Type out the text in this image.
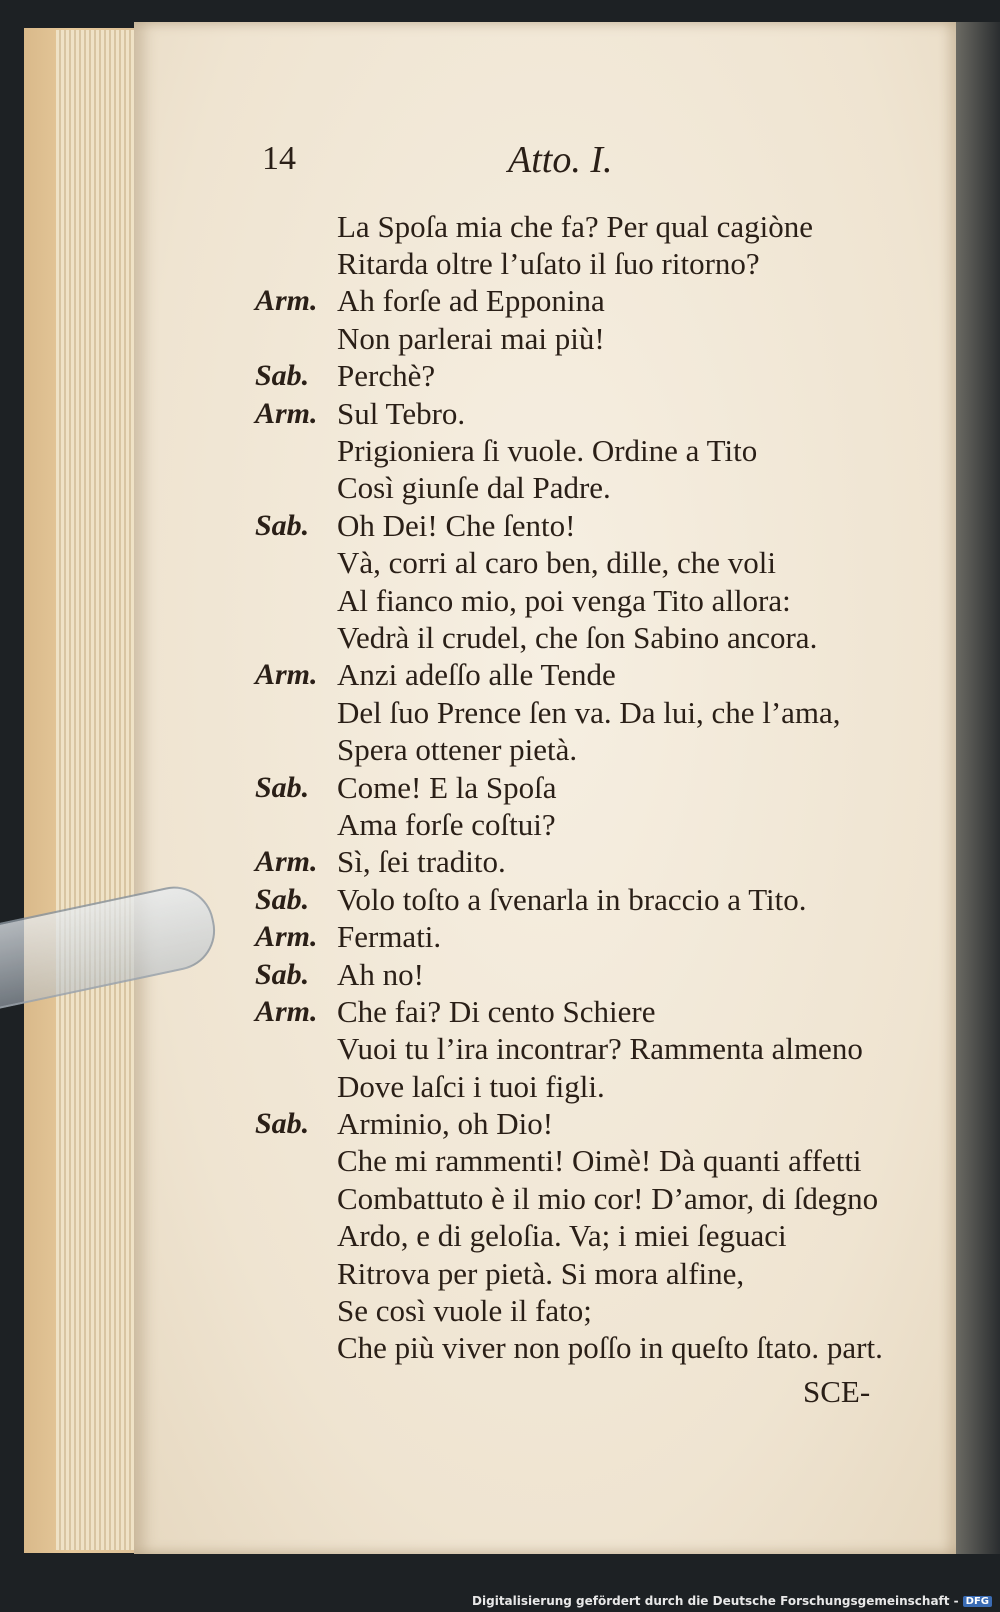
14	Atto. I.
La Spoſa mia che fa? Per qual cagiòne
Ritarda oltre l’uſato il ſuo ritorno?
Arm. Ah forſe ad Epponina
Non parlerai mai più!
Sab. Perchè?
Arm. Sul Tebro.
Prigioniera ſi vuole. Ordine a Tito
Così giunſe dal Padre.
Sab. Oh Dei! Che ſento!
Và, corri al caro ben, dille, che voli
Al fianco mio, poi venga Tito allora:
Vedrà il crudel, che ſon Sabino ancora.
Arm. Anzi adeſſo alle Tende
Del ſuo Prence ſen va. Da lui, che l’ama,
Spera ottener pietà.
Sab. Come! E la Spoſa
Ama forſe coſtui?
Arm. Sì, ſei tradito.
Sab. Volo toſto a ſvenarla in braccio a Tito.
Arm. Fermati.
Sab. Ah no!
Arm. Che fai? Di cento Schiere
Vuoi tu l’ira incontrar? Rammenta almeno
Dove laſci i tuoi figli.
Sab. Arminio, oh Dio!
Che mi rammenti! Oimè! Dà quanti affetti
Combattuto è il mio cor! D’amor, di ſdegno
Ardo, e di geloſia. Va; i miei ſeguaci
Ritrova per pietà. Si mora alfine,
Se così vuole il fato;
Che più viver non poſſo in queſto ſtato. part.
SCE-
Digitalisierung gefördert durch die Deutsche Forschungsgemeinschaft - DFG
